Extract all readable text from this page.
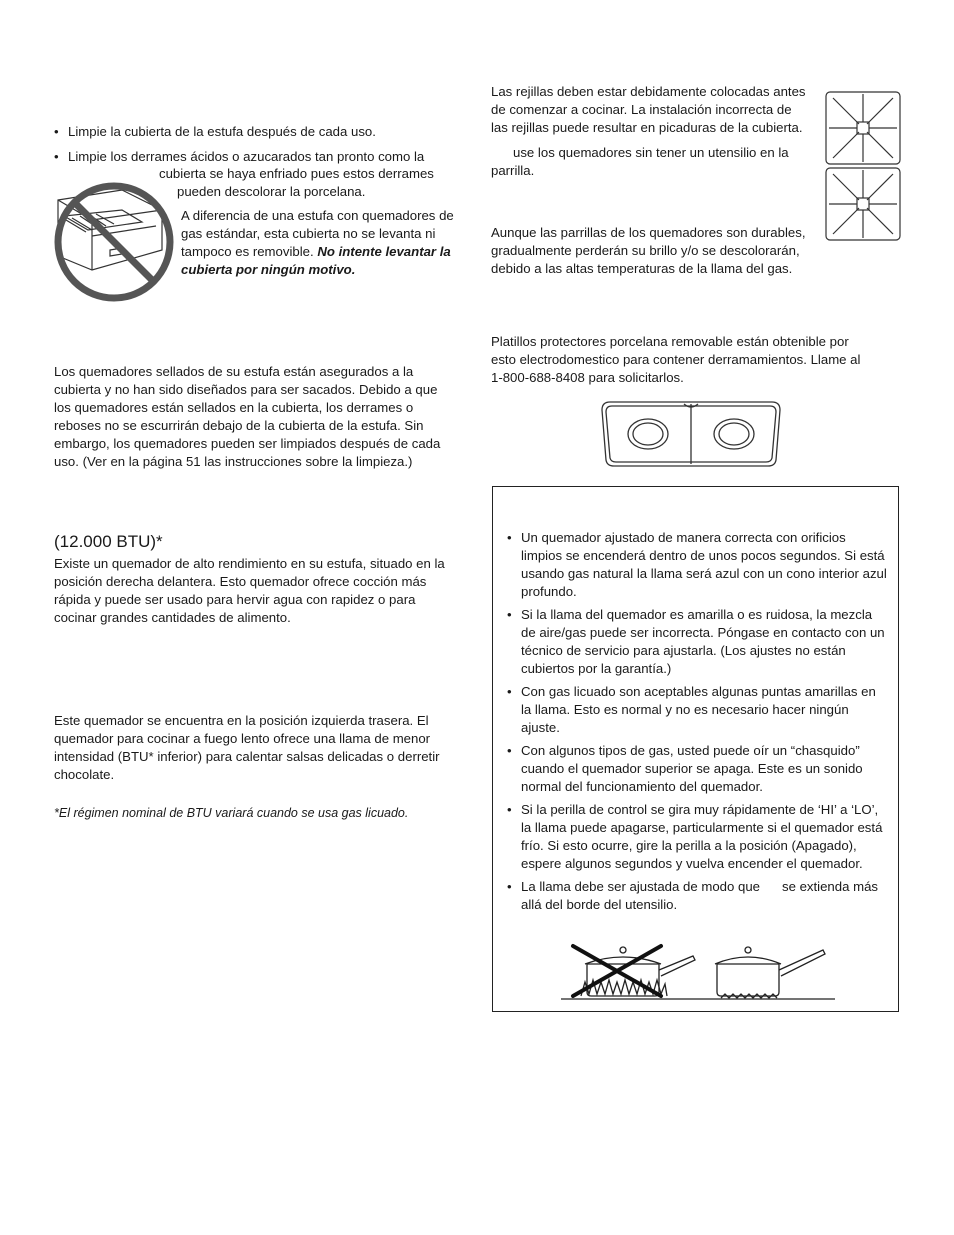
• Limpie la cubierta de la estufa después de cada uso.
• Limpie los derrames ácidos o azucarados tan pronto como la

cubierta se haya enfriado pues estos derrames

pueden descolorar la porcelana.

A diferencia de una estufa con quemadores de gas estándar, esta cubierta no se levanta ni tampoco es removible. No intente levantar la cubierta por ningún motivo.

Los quemadores sellados de su estufa están asegurados a la cubierta y no han sido diseñados para ser sacados. Debido a que los quemadores están sellados en la cubierta, los derrames o reboses no se escurrirán debajo de la cubierta de la estufa. Sin embargo, los quemadores pueden ser limpiados después de cada uso. (Ver en la página 51 las instrucciones sobre la limpieza.)

(12.000 BTU)*

Existe un quemador de alto rendimiento en su estufa, situado en la posición derecha delantera. Esto quemador ofrece cocción más rápida y puede ser usado para hervir agua con rapidez o para cocinar grandes cantidades de alimento.

Este quemador se encuentra en la posición izquierda trasera. El quemador para cocinar a fuego lento ofrece una llama de menor intensidad (BTU* inferior) para calentar salsas delicadas o derretir chocolate.

*El régimen nominal de BTU variará cuando se usa gas licuado.

Las rejillas deben estar debidamente colocadas antes de comenzar a cocinar. La instalación incorrecta de las rejillas puede resultar en picaduras de la cubierta.

use los quemadores sin tener un utensilio en la parrilla.

Aunque las parrillas de los quemadores son durables, gradualmente perderán su brillo y/o se descolorarán, debido a las altas temperaturas de la llama del gas.

Platillos protectores porcelana removable están obtenible por esto electrodomestico para contener derramamientos. Llame al 1-800-688-8408 para solicitarlos.

• Un quemador ajustado de manera correcta con orificios limpios se encenderá dentro de unos pocos segundos. Si está usando gas natural la llama será azul con un cono interior azul profundo.

• Si la llama del quemador es amarilla o es ruidosa, la mezcla de aire/gas puede ser incorrecta. Póngase en contacto con un técnico de servicio para ajustarla. (Los ajustes no están cubiertos por la garantía.)

• Con gas licuado son aceptables algunas puntas amarillas en la llama. Esto es normal y no es necesario hacer ningún ajuste.

• Con algunos tipos de gas, usted puede oír un “chasquido” cuando el quemador superior se apaga. Este es un sonido normal del funcionamiento del quemador.
• Si la perilla de control se gira muy rápidamente de ‘HI’ a ‘LO’, la llama puede apagarse, particularmente si el quemador está frío. Si esto ocurre, gire la perilla a la posición (Apagado), espere algunos segundos y vuelva encender el quemador.
• La llama debe ser ajustada de modo que      se extienda más allá del borde del utensilio.
